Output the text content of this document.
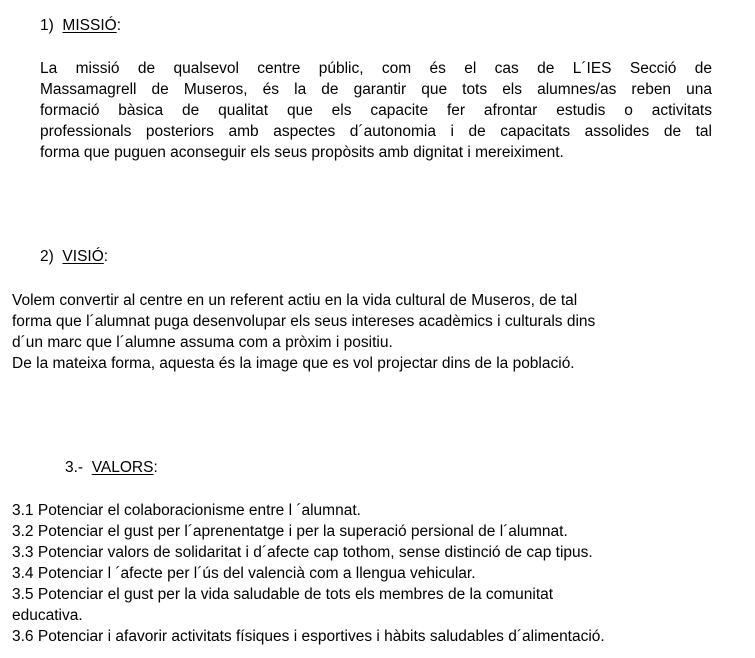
1) MISSIÓ:
La missió de qualsevol centre públic, com és el cas de L´IES Secció de
Massamagrell de Museros, és la de garantir que tots els alumnes/as reben una
formació bàsica de qualitat que els capacite fer afrontar estudis o activitats
professionals posteriors amb aspectes d´autonomia i de capacitats assolides de tal
forma que puguen aconseguir els seus propòsits amb dignitat i mereiximent.
2) VISIÓ:
Volem convertir al centre en un referent actiu en la vida cultural de Museros, de tal
forma que l´alumnat puga desenvolupar els seus intereses acadèmics i culturals dins
d´un marc que l´alumne assuma com a pròxim i positiu.
De la mateixa forma, aquesta és la image que es vol projectar dins de la població.
3.- VALORS:
3.1 Potenciar el colaboracionisme entre l ´alumnat.
3.2 Potenciar el gust per l´aprenentatge i per la superació persional de l´alumnat.
3.3 Potenciar valors de solidaritat i d´afecte cap tothom, sense distinció de cap tipus.
3.4 Potenciar l ´afecte per l´ús del valencià com a llengua vehicular.
3.5 Potenciar el gust per la vida saludable de tots els membres de la comunitat
educativa.
3.6 Potenciar i afavorir activitats físiques i esportives i hàbits saludables d´alimentació.
